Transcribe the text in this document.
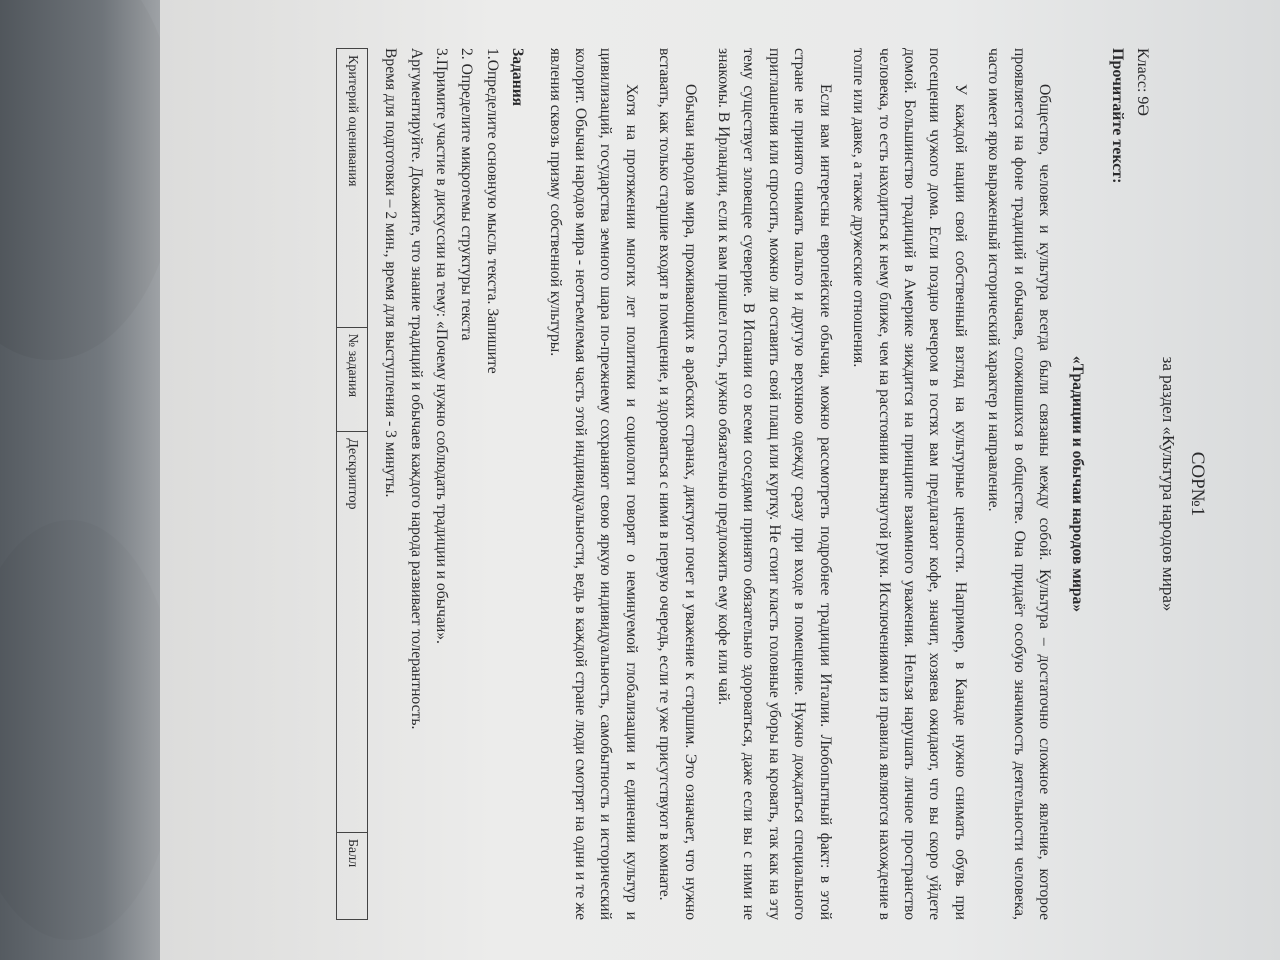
СОР№1
за раздел «Культура народов мира»
Класс: 9Ә
Прочитайте текст:
«Традиции и обычаи народов мира»

Общество, человек и культура всегда были связаны между собой. Культура – достаточно сложное явление, которое проявляется на фоне традиций и обычаев, сложившихся в обществе. Она придаёт особую значимость деятельности человека, часто имеет ярко выраженный исторический характер и направление.

У каждой нации свой собственный взгляд на культурные ценности. Например, в Канаде нужно снимать обувь при посещении чужого дома. Если поздно вечером в гостях вам предлагают кофе, значит, хозяева ожидают, что вы скоро уйдете домой. Большинство традиций в Америке зиждится на принципе взаимного уважения. Нельзя нарушать личное пространство человека, то есть находиться к нему ближе, чем на расстоянии вытянутой руки. Исключениями из правила являются нахождение в толпе или давке, а также дружеские отношения.

Если вам интересны европейские обычаи, можно рассмотреть подробнее традиции Италии. Любопытный факт: в этой стране не принято снимать пальто и другую верхнюю одежду сразу при входе в помещение. Нужно дождаться специального приглашения или спросить, можно ли оставить свой плащ или куртку. Не стоит класть головные уборы на кровать, так как на эту тему существует зловещее суеверие. В Испании со всеми соседями принято обязательно здороваться, даже если вы с ними не знакомы. В Ирландии, если к вам пришел гость, нужно обязательно предложить ему кофе или чай.

Обычаи народов мира, проживающих в арабских странах, диктуют почет и уважение к старшим. Это означает, что нужно вставать, как только старшие входят в помещение, и здороваться с ними в первую очередь, если те уже присутствуют в комнате.

Хотя на протяжении многих лет политики и социологи говорят о неминуемой глобализации и единении культур и цивилизаций, государства земного шара по-прежнему сохраняют свою яркую индивидуальность, самобытность и исторический колорит. Обычаи народов мира - неотъемлемая часть этой индивидуальности, ведь в каждой стране люди смотрят на одни и те же явления сквозь призму собственной культуры.

Задания

1.Определите основную мысль текста. Запишите

2. Определите микротемы структуры текста

3.Примите участие в дискуссии на тему: «Почему нужно соблюдать традиции и обычаи».

Аргументируйте. Докажите, что знание традиций и обычаев каждого народа развивает толерантность.

Время для подготовки – 2 мин., время для выступления - 3 минуты.

Критерий оценивания	№ задания	Дескриптор	Балл
